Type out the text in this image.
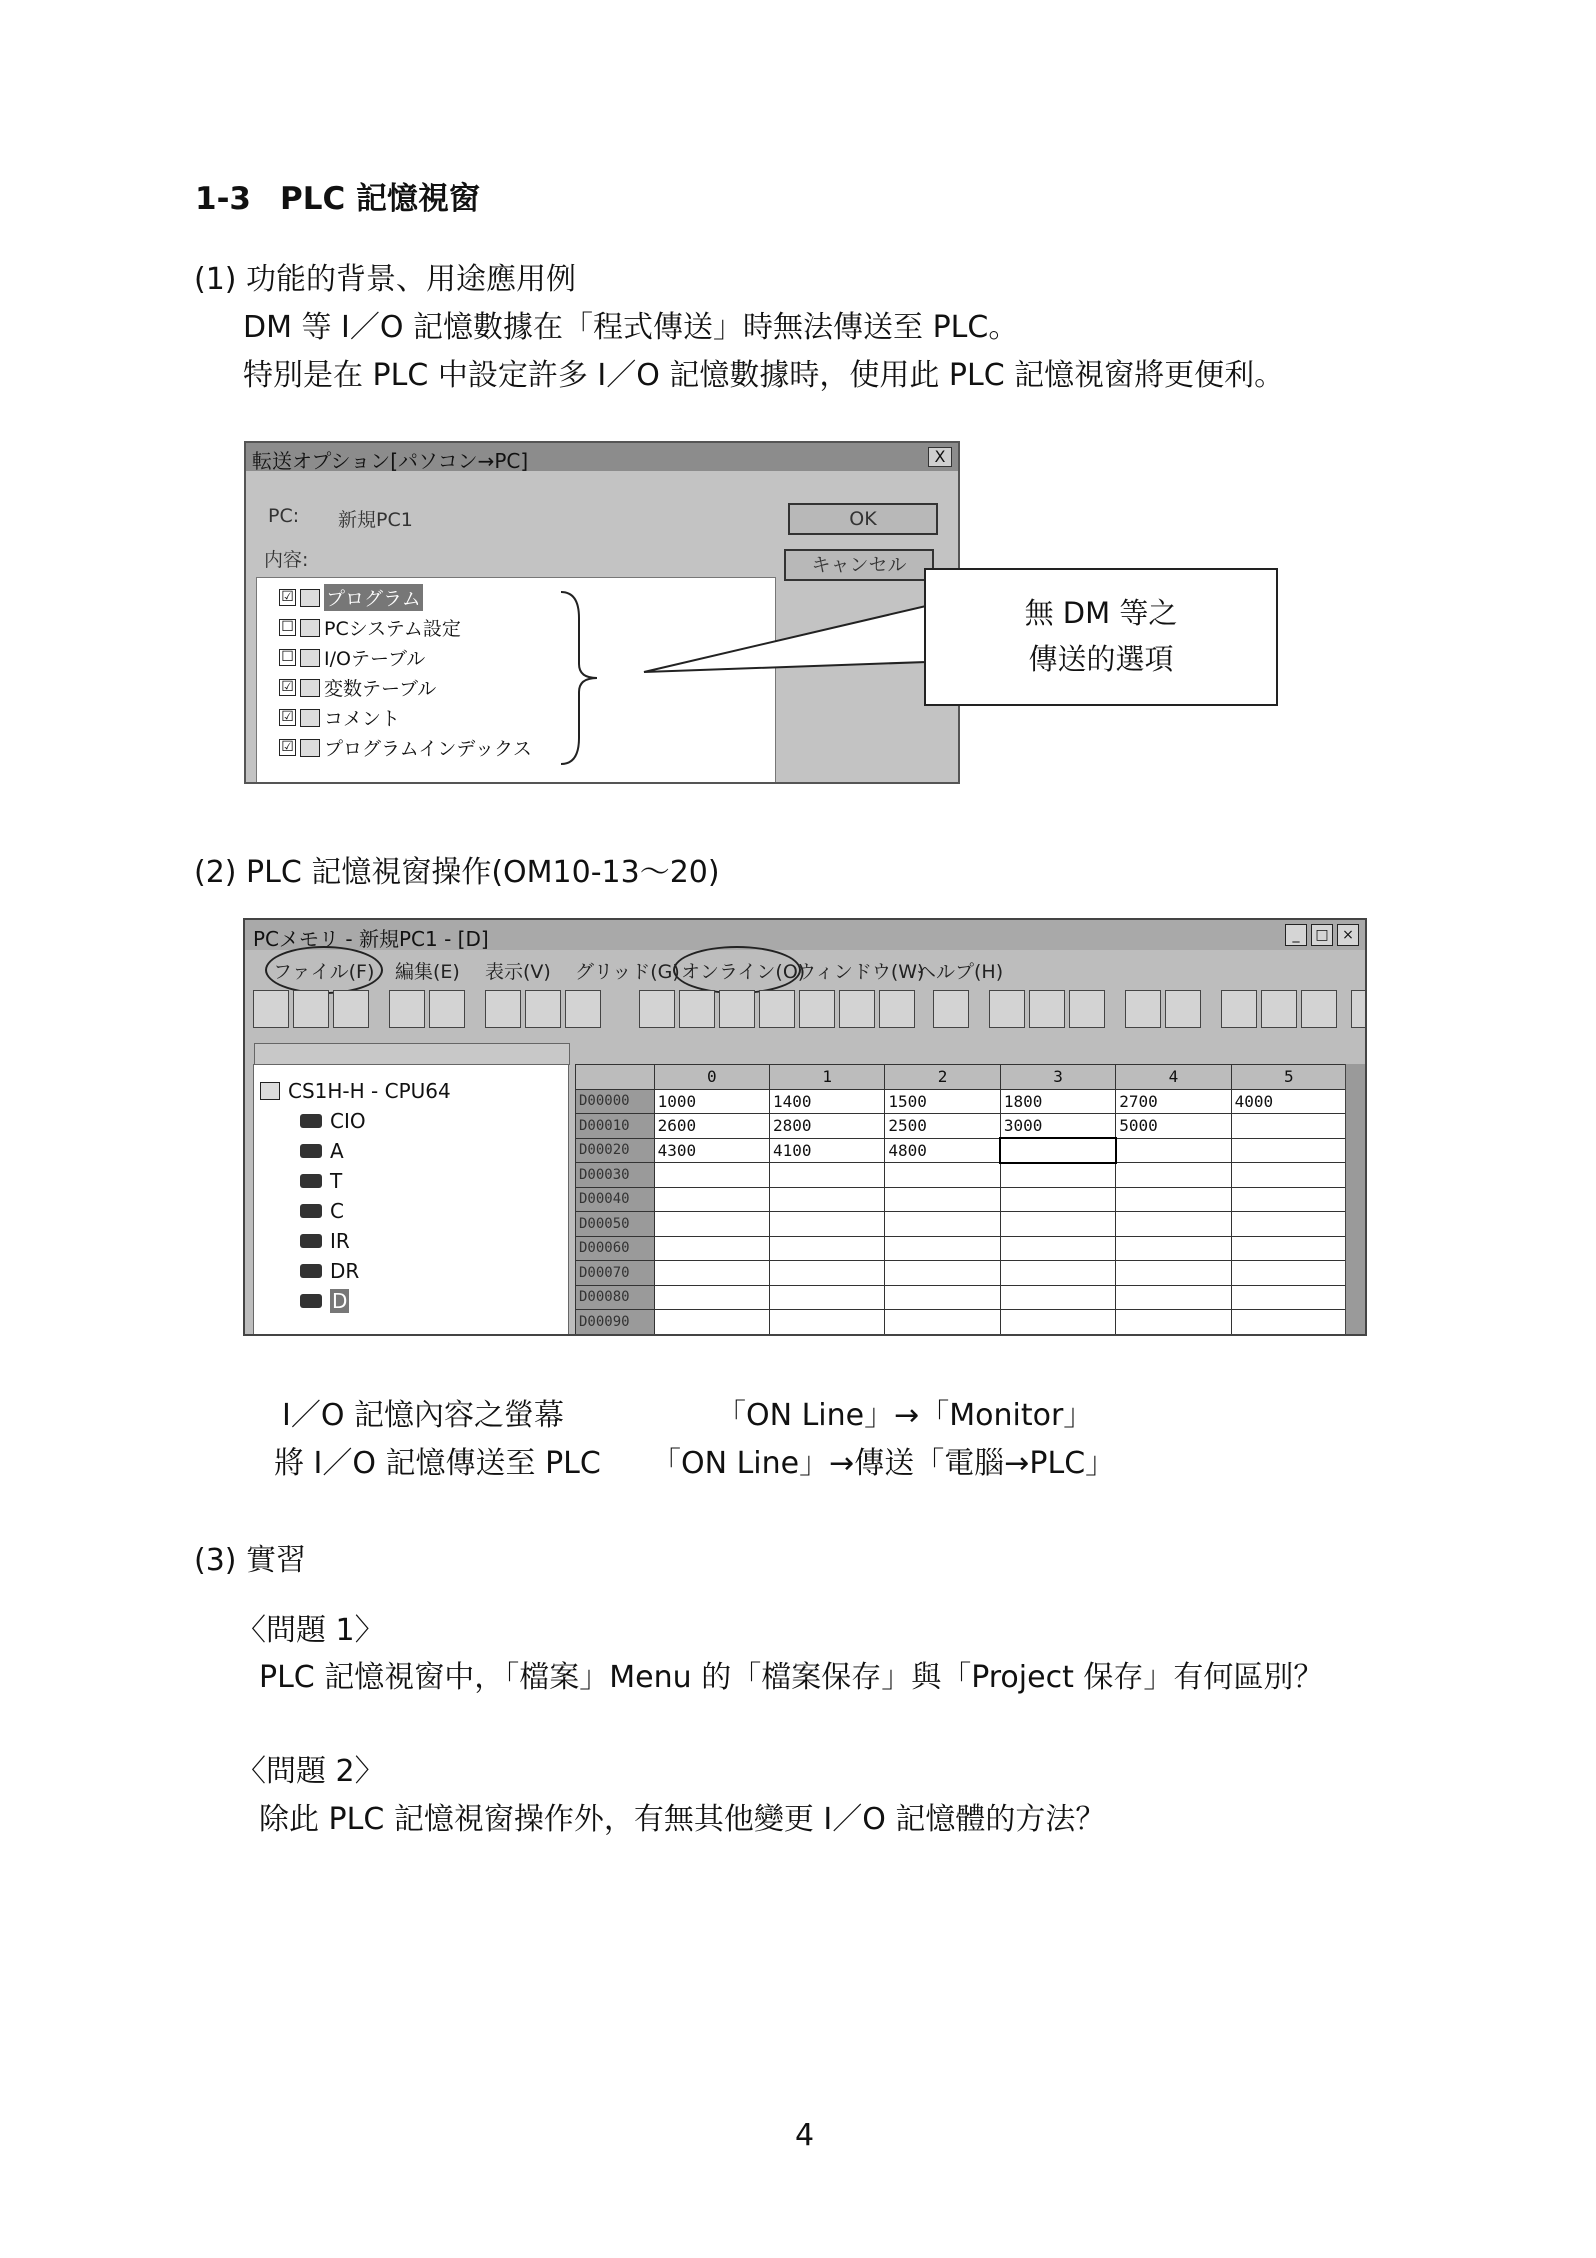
1-3 PLC 記憶視窗
(1) 功能的背景、用途應用例
DM 等 I／O 記憶數據在「程式傳送」時無法傳送至 PLC。
特別是在 PLC 中設定許多 I／O 記憶數據時，使用此 PLC 記憶視窗將更便利。
転送オプション[パソコン→PC]	X
PC: 新規PC1
内容:
OK
キャンセル
☑ プログラム
☐ PCシステム設定
☐ I/Oテーブル
☑ 変数テーブル
☑ コメント
☑ プログラムインデックス
無 DM 等之
傳送的選項
(2) PLC 記憶視窗操作(OM10-13～20)
PCメモリ - 新規PC1 - [D]	_	□ ×
ファイル(F) 編集(E) 表示(V) グリッド(G) オンライン(O)
ウィンドウ(W)
ヘルプ(H)
CS1H-H - CPU64
CIO
A
T
C
IR
DR
D
	0	1	2	3	4	5
D00000	1000	1400	1500	1800	2700	4000
D00010	2600	2800	2500	3000	5000	
D00020	4300	4100	4800			
D00030						
D00040						
D00050						
D00060						
D00070						
D00080						
D00090						
I／O 記憶內容之螢幕	「ON Line」→「Monitor」
將 I／O 記憶傳送至 PLC 「ON Line」→傳送「電腦→PLC」
(3) 實習
〈問題 1〉
PLC 記憶視窗中，「檔案」Menu 的「檔案保存」與「Project 保存」有何區別？
〈問題 2〉
除此 PLC 記憶視窗操作外，有無其他變更 I／O 記憶體的方法？
4
